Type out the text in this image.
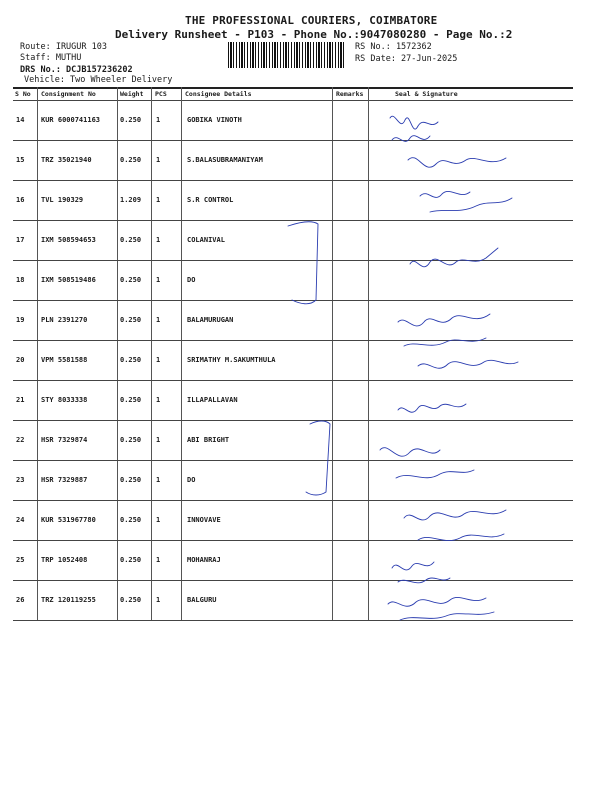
THE PROFESSIONAL COURIERS, COIMBATORE
Delivery Runsheet - P103 - Phone No.:9047080280 - Page No.:2
Route: IRUGUR 103
Staff: MUTHU
DRS No.: DCJB157236202
Vehicle: Two Wheeler Delivery
RS No.: 1572362
RS Date: 27-Jun-2025
S No Consignment No	Weight PCS	Consignee Details	Remarks	Seal & Signature
14 KUR 6000741163	0.250 1	GOBIKA VINOTH
15 TRZ 35021940	0.250 1	S.BALASUBRAMANIYAM
16 TVL 190329	1.209 1	S.R CONTROL
17 IXM 508594653	0.250 1	COLANIVAL
18 IXM 508519486	0.250 1	DO
19 PLN 2391270	0.250 1	BALAMURUGAN
20 VPM 5581588	0.250 1	SRIMATHY M.SAKUMTHULA
21 STY 8033338	0.250 1	ILLAPALLAVAN
22 HSR 7329874	0.250 1	ABI BRIGHT
23 HSR 7329887	0.250 1	DO
24 KUR 531967780	0.250 1	INNOVAVE
25 TRP 1052408	0.250 1	MOHANRAJ
26 TRZ 120119255	0.250 1	BALGURU
